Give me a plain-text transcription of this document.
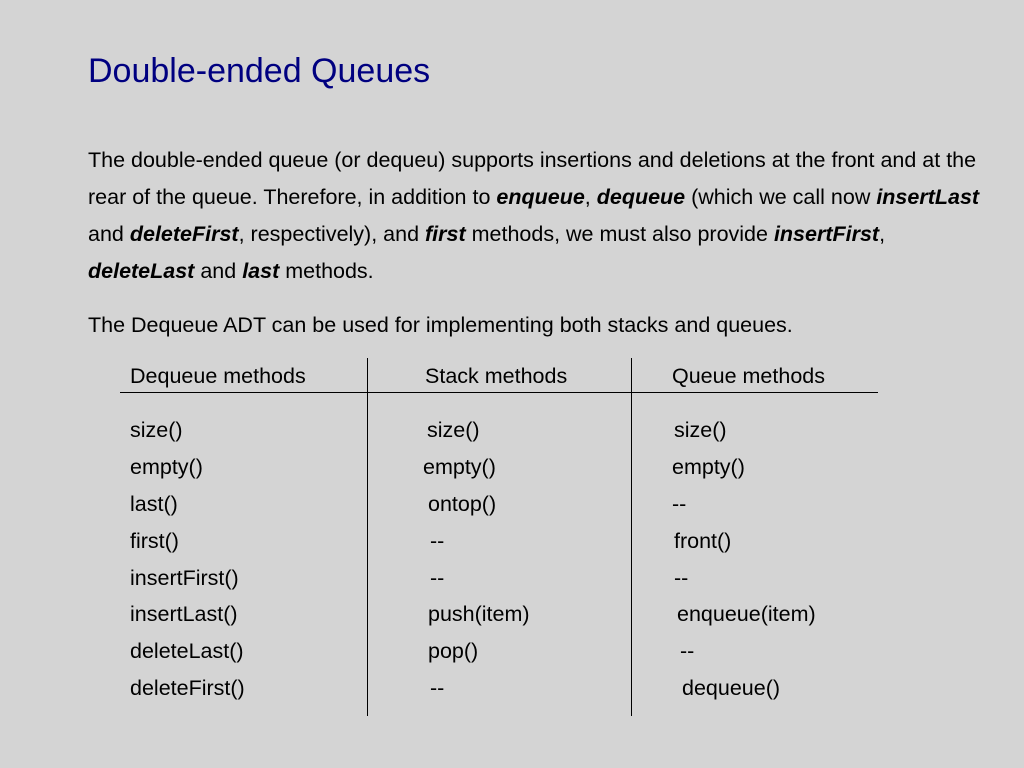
Double-ended Queues

The double-ended queue (or dequeu) supports insertions and deletions at the front and at the rear of the queue. Therefore, in addition to enqueue, dequeue (which we call now insertLast and deleteFirst, respectively), and first methods, we must also provide insertFirst, deleteLast and last methods.

The Dequeue ADT can be used for implementing both stacks and queues.

Dequeue methods	Stack methods	Queue methods
size()	size()	size()
empty()	empty()	empty()
last()	ontop()	--
first()	--	front()
insertFirst()	--	--
insertLast()	push(item)	enqueue(item)
deleteLast()	pop()	--
deleteFirst()	--	dequeue()
